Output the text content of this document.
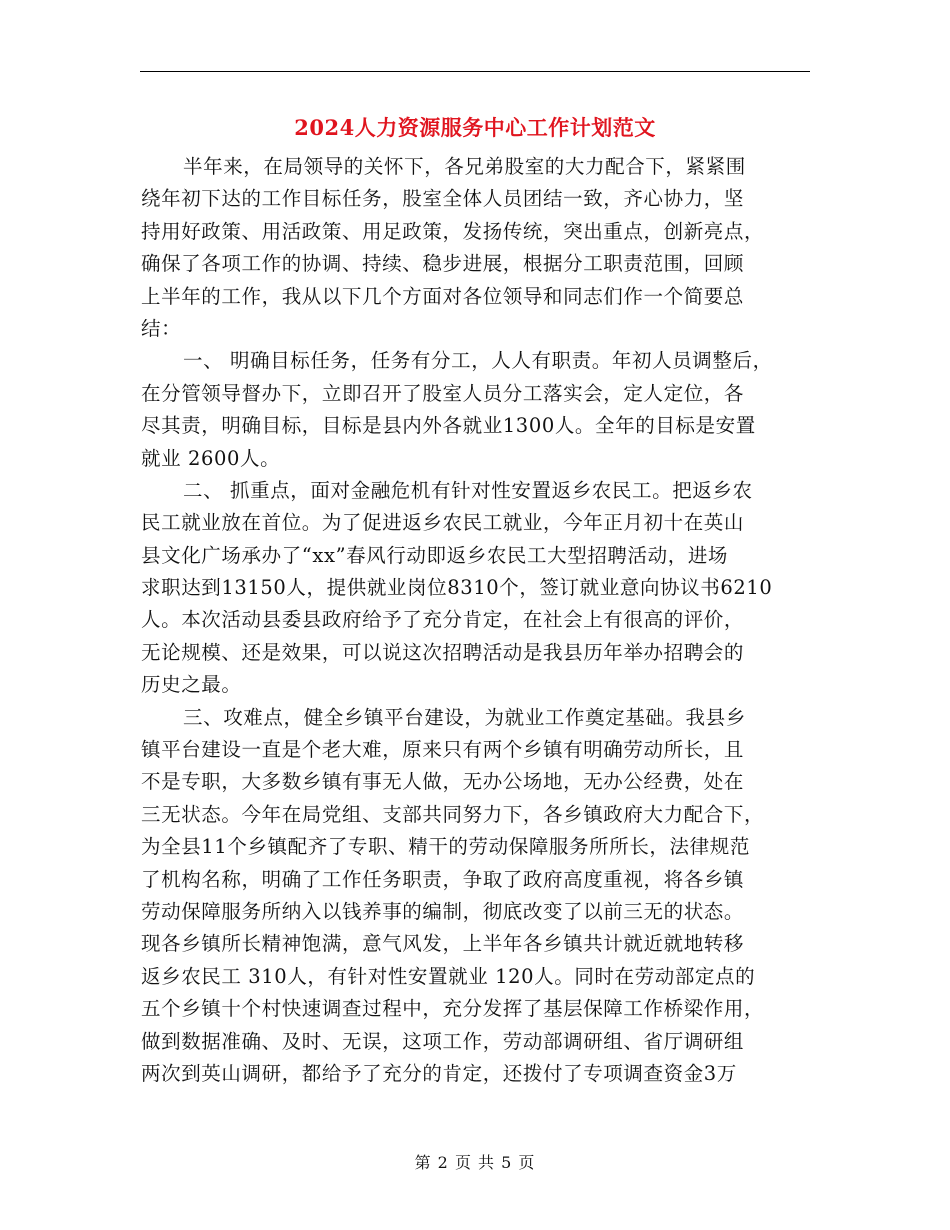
2024人力资源服务中心工作计划范文
半年来，在局领导的关怀下，各兄弟股室的大力配合下，紧紧围
绕年初下达的工作目标任务，股室全体人员团结一致，齐心协力，坚
持用好政策、用活政策、用足政策，发扬传统，突出重点，创新亮点，
确保了各项工作的协调、持续、稳步进展，根据分工职责范围，回顾
上半年的工作，我从以下几个方面对各位领导和同志们作一个简要总
结：
一、 明确目标任务，任务有分工，人人有职责。年初人员调整后，
在分管领导督办下，立即召开了股室人员分工落实会，定人定位，各
尽其责，明确目标，目标是县内外各就业1300人。全年的目标是安置
就业 2600人。
二、 抓重点，面对金融危机有针对性安置返乡农民工。把返乡农
民工就业放在首位。为了促进返乡农民工就业，今年正月初十在英山
县文化广场承办了“xx”春风行动即返乡农民工大型招聘活动，进场
求职达到13150人，提供就业岗位8310个，签订就业意向协议书6210
人。本次活动县委县政府给予了充分肯定，在社会上有很高的评价，
无论规模、还是效果，可以说这次招聘活动是我县历年举办招聘会的
历史之最。
三、攻难点，健全乡镇平台建设，为就业工作奠定基础。我县乡
镇平台建设一直是个老大难，原来只有两个乡镇有明确劳动所长，且
不是专职，大多数乡镇有事无人做，无办公场地，无办公经费，处在
三无状态。今年在局党组、支部共同努力下，各乡镇政府大力配合下，
为全县11个乡镇配齐了专职、精干的劳动保障服务所所长，法律规范
了机构名称，明确了工作任务职责，争取了政府高度重视，将各乡镇
劳动保障服务所纳入以钱养事的编制，彻底改变了以前三无的状态。
现各乡镇所长精神饱满，意气风发，上半年各乡镇共计就近就地转移
返乡农民工 310人，有针对性安置就业 120人。同时在劳动部定点的
五个乡镇十个村快速调查过程中，充分发挥了基层保障工作桥梁作用，
做到数据准确、及时、无误，这项工作，劳动部调研组、省厅调研组
两次到英山调研，都给予了充分的肯定，还拨付了专项调查资金3万
第 2 页 共 5 页
